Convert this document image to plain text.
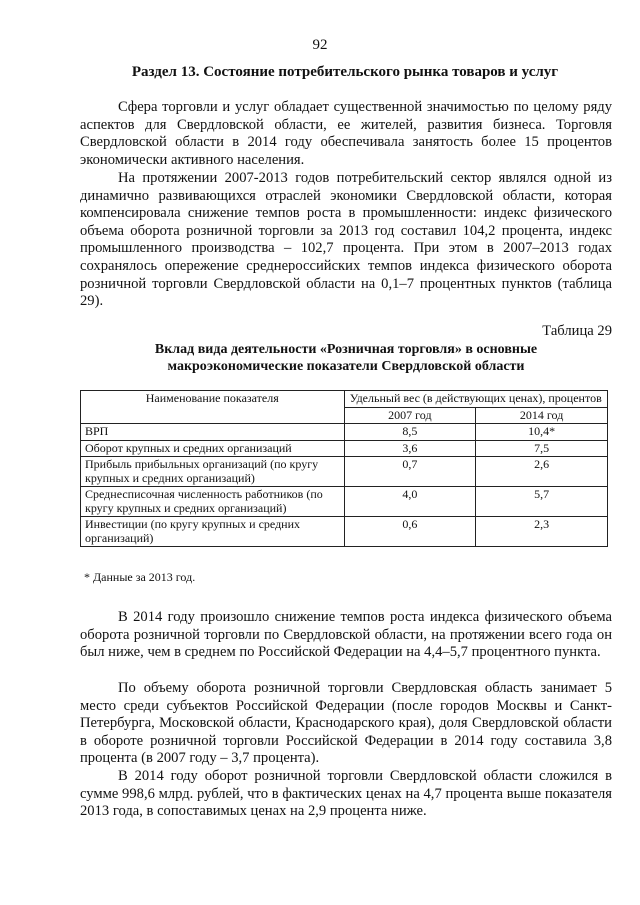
92
Раздел 13. Состояние потребительского рынка товаров и услуг

Сфера торговли и услуг обладает существенной значимостью по целому ряду аспектов для Свердловской области, ее жителей, развития бизнеса. Торговля Свердловской области в 2014 году обеспечивала занятость более 15 процентов экономически активного населения.

На протяжении 2007-2013 годов потребительский сектор являлся одной из динамично развивающихся отраслей экономики Свердловской области, которая компенсировала снижение темпов роста в промышленности: индекс физического объема оборота розничной торговли за 2013 год составил 104,2 процента, индекс промышленного производства – 102,7 процента. При этом в 2007–2013 годах сохранялось опережение среднероссийских темпов индекса физического оборота розничной торговли Свердловской области на 0,1–7 процентных пунктов (таблица 29).

Таблица 29
Вклад вида деятельности «Розничная торговля» в основные
макроэкономические показатели Свердловской области
Наименование показателя	Удельный вес (в действующих ценах), процентов	
	2007 год	2014 год
ВРП	8,5	10,4*
Оборот крупных и средних организаций	3,6	7,5
Прибыль прибыльных организаций (по кругу крупных и средних организаций)	0,7	2,6
Среднесписочная численность работников (по кругу крупных и средних организаций)	4,0	5,7
Инвестиции (по кругу крупных и средних организаций)	0,6	2,3
* Данные за 2013 год.

В 2014 году произошло снижение темпов роста индекса физического объема оборота розничной торговли по Свердловской области, на протяжении всего года он был ниже, чем в среднем по Российской Федерации на 4,4–5,7 процентного пункта.

По объему оборота розничной торговли Свердловская область занимает 5 место среди субъектов Российской Федерации (после городов Москвы и Санкт-Петербурга, Московской области, Краснодарского края), доля Свердловской области в обороте розничной торговли Российской Федерации в 2014 году составила 3,8 процента (в 2007 году – 3,7 процента).

В 2014 году оборот розничной торговли Свердловской области сложился в сумме 998,6 млрд. рублей, что в фактических ценах на 4,7 процента выше показателя 2013 года, в сопоставимых ценах на 2,9 процента ниже.
